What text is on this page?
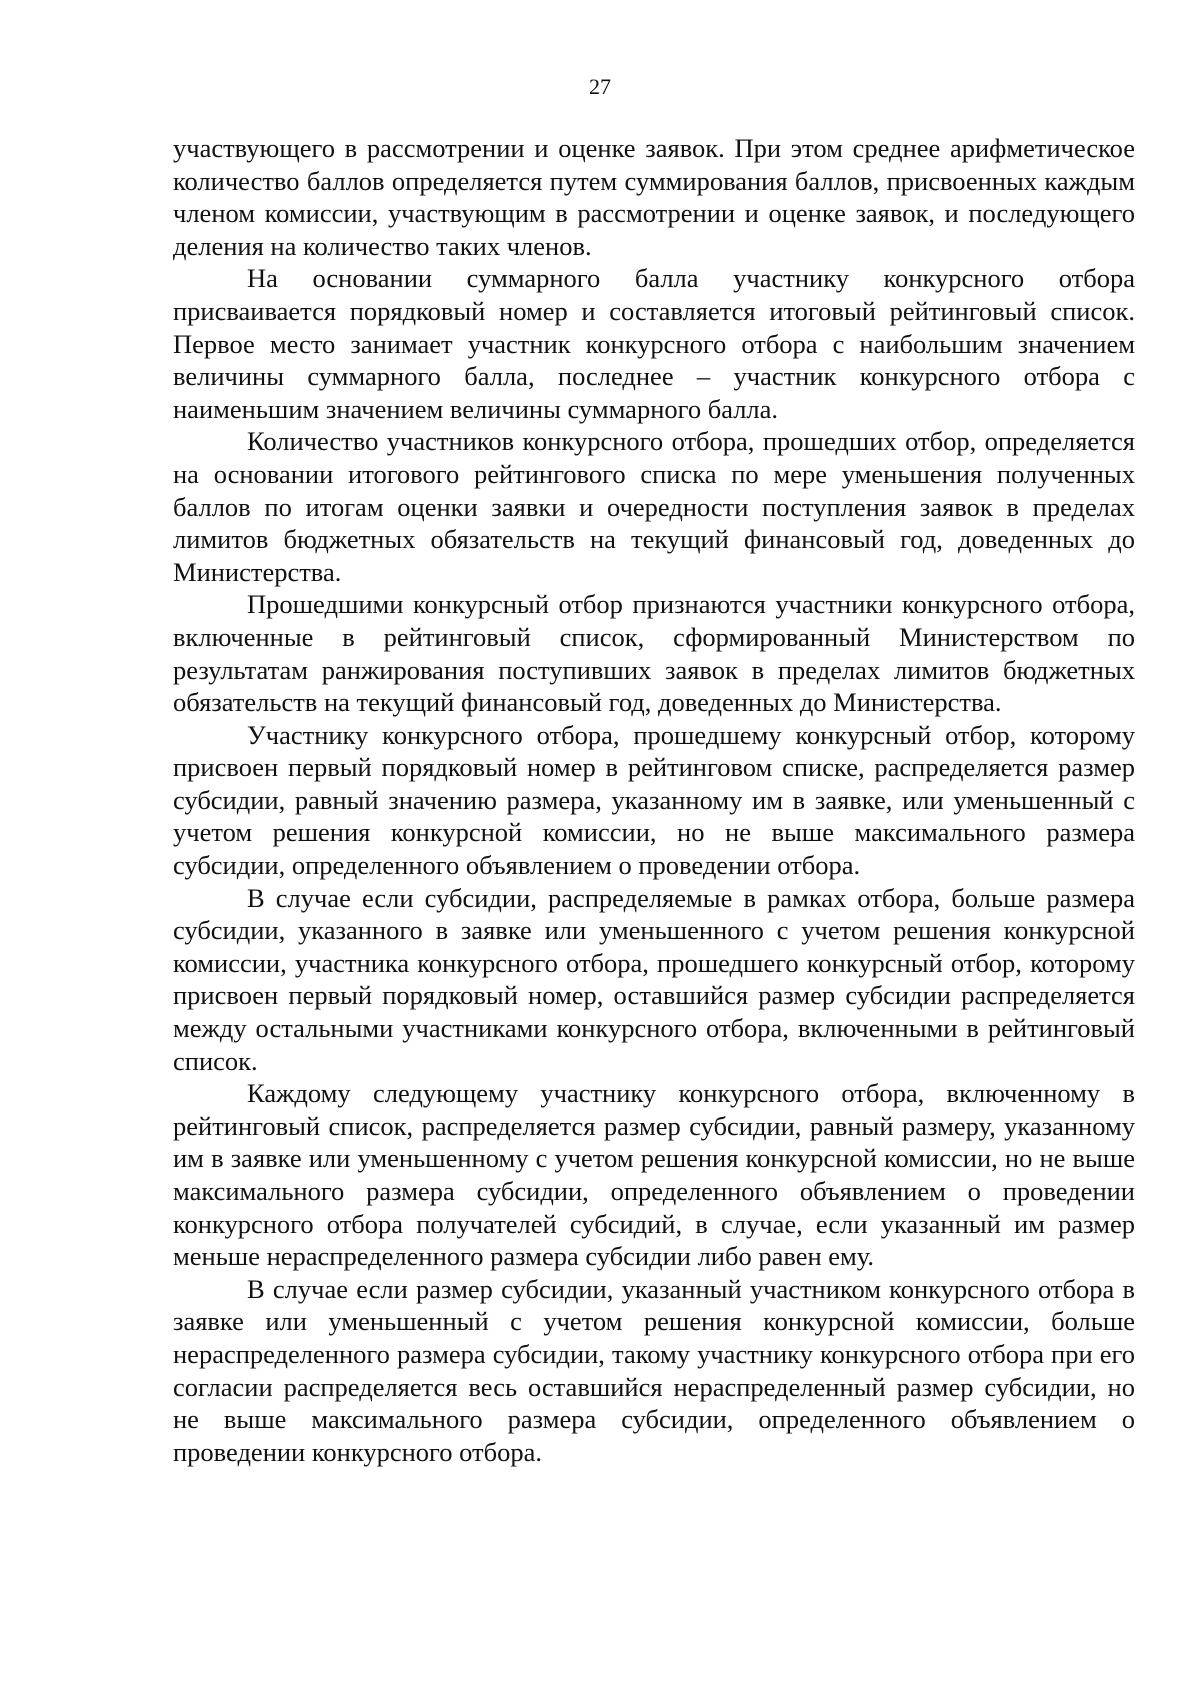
27

участвующего в рассмотрении и оценке заявок. При этом среднее арифметическое количество баллов определяется путем суммирования баллов, присвоенных каждым членом комиссии, участвующим в рассмотрении и оценке заявок, и последующего деления на количество таких членов.

На основании суммарного балла участнику конкурсного отбора присваивается порядковый номер и составляется итоговый рейтинговый список. Первое место занимает участник конкурсного отбора с наибольшим значением величины суммарного балла, последнее – участник конкурсного отбора с наименьшим значением величины суммарного балла.

Количество участников конкурсного отбора, прошедших отбор, определяется на основании итогового рейтингового списка по мере уменьшения полученных баллов по итогам оценки заявки и очередности поступления заявок в пределах лимитов бюджетных обязательств на текущий финансовый год, доведенных до Министерства.

Прошедшими конкурсный отбор признаются участники конкурсного отбора, включенные в рейтинговый список, сформированный Министерством по результатам ранжирования поступивших заявок в пределах лимитов бюджетных обязательств на текущий финансовый год, доведенных до Министерства.

Участнику конкурсного отбора, прошедшему конкурсный отбор, которому присвоен первый порядковый номер в рейтинговом списке, распределяется размер субсидии, равный значению размера, указанному им в заявке, или уменьшенный с учетом решения конкурсной комиссии, но не выше максимального размера субсидии, определенного объявлением о проведении отбора.

В случае если субсидии, распределяемые в рамках отбора, больше размера субсидии, указанного в заявке или уменьшенного с учетом решения конкурсной комиссии, участника конкурсного отбора, прошедшего конкурсный отбор, которому присвоен первый порядковый номер, оставшийся размер субсидии распределяется между остальными участниками конкурсного отбора, включенными в рейтинговый список.

Каждому следующему участнику конкурсного отбора, включенному в рейтинговый список, распределяется размер субсидии, равный размеру, указанному им в заявке или уменьшенному с учетом решения конкурсной комиссии, но не выше максимального размера субсидии, определенного объявлением о проведении конкурсного отбора получателей субсидий, в случае, если указанный им размер меньше нераспределенного размера субсидии либо равен ему.

В случае если размер субсидии, указанный участником конкурсного отбора в заявке или уменьшенный с учетом решения конкурсной комиссии, больше нераспределенного размера субсидии, такому участнику конкурсного отбора при его согласии распределяется весь оставшийся нераспределенный размер субсидии, но не выше максимального размера субсидии, определенного объявлением о проведении конкурсного отбора.
